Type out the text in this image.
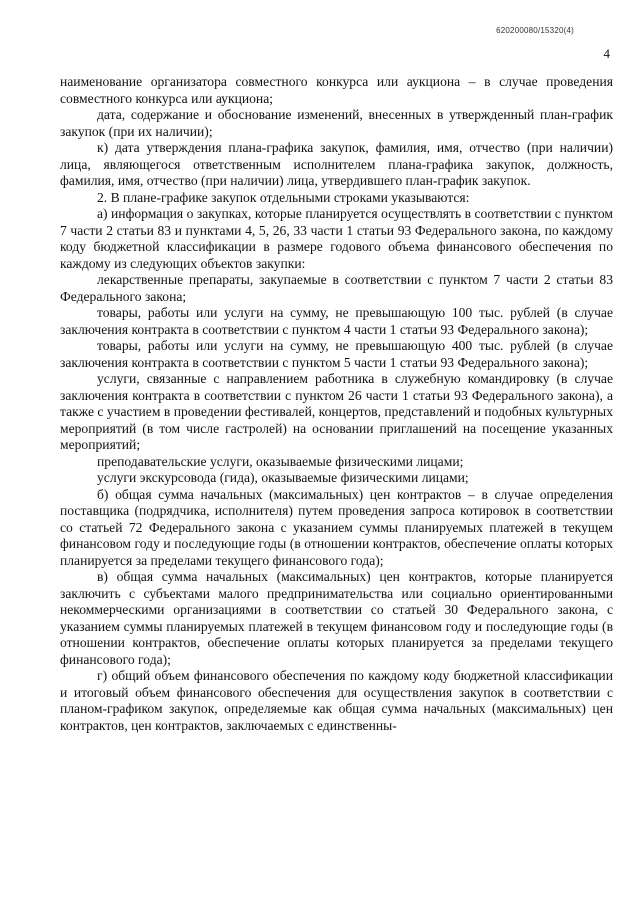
620200080/15320(4)
4

наименование организатора совместного конкурса или аукциона – в случае проведения совместного конкурса или аукциона;

дата, содержание и обоснование изменений, внесенных в утвержденный план-график закупок (при их наличии);

к) дата утверждения плана-графика закупок, фамилия, имя, отчество (при наличии) лица, являющегося ответственным исполнителем плана-графика закупок, должность, фамилия, имя, отчество (при наличии) лица, утвердившего план-график закупок.

2. В плане-графике закупок отдельными строками указываются:

а) информация о закупках, которые планируется осуществлять в соответствии с пунктом 7 части 2 статьи 83 и пунктами 4, 5, 26, 33 части 1 статьи 93 Федерального закона, по каждому коду бюджетной классификации в размере годового объема финансового обеспечения по каждому из следующих объектов закупки:

лекарственные препараты, закупаемые в соответствии с пунктом 7 части 2 статьи 83 Федерального закона;

товары, работы или услуги на сумму, не превышающую 100 тыс. рублей (в случае заключения контракта в соответствии с пунктом 4 части 1 статьи 93 Федерального закона);

товары, работы или услуги на сумму, не превышающую 400 тыс. рублей (в случае заключения контракта в соответствии с пунктом 5 части 1 статьи 93 Федерального закона);

услуги, связанные с направлением работника в служебную командировку (в случае заключения контракта в соответствии с пунктом 26 части 1 статьи 93 Федерального закона), а также с участием в проведении фестивалей, концертов, представлений и подобных культурных мероприятий (в том числе гастролей) на основании приглашений на посещение указанных мероприятий;

преподавательские услуги, оказываемые физическими лицами;

услуги экскурсовода (гида), оказываемые физическими лицами;

б) общая сумма начальных (максимальных) цен контрактов – в случае определения поставщика (подрядчика, исполнителя) путем проведения запроса котировок в соответствии со статьей 72 Федерального закона с указанием суммы планируемых платежей в текущем финансовом году и последующие годы (в отношении контрактов, обеспечение оплаты которых планируется за пределами текущего финансового года);

в) общая сумма начальных (максимальных) цен контрактов, которые планируется заключить с субъектами малого предпринимательства или социально ориентированными некоммерческими организациями в соответствии со статьей 30 Федерального закона, с указанием суммы планируемых платежей в текущем финансовом году и последующие годы (в отношении контрактов, обеспечение оплаты которых планируется за пределами текущего финансового года);

г) общий объем финансового обеспечения по каждому коду бюджетной классификации и итоговый объем финансового обеспечения для осуществления закупок в соответствии с планом-графиком закупок, определяемые как общая сумма начальных (максимальных) цен контрактов, цен контрактов, заключаемых с единственны-
